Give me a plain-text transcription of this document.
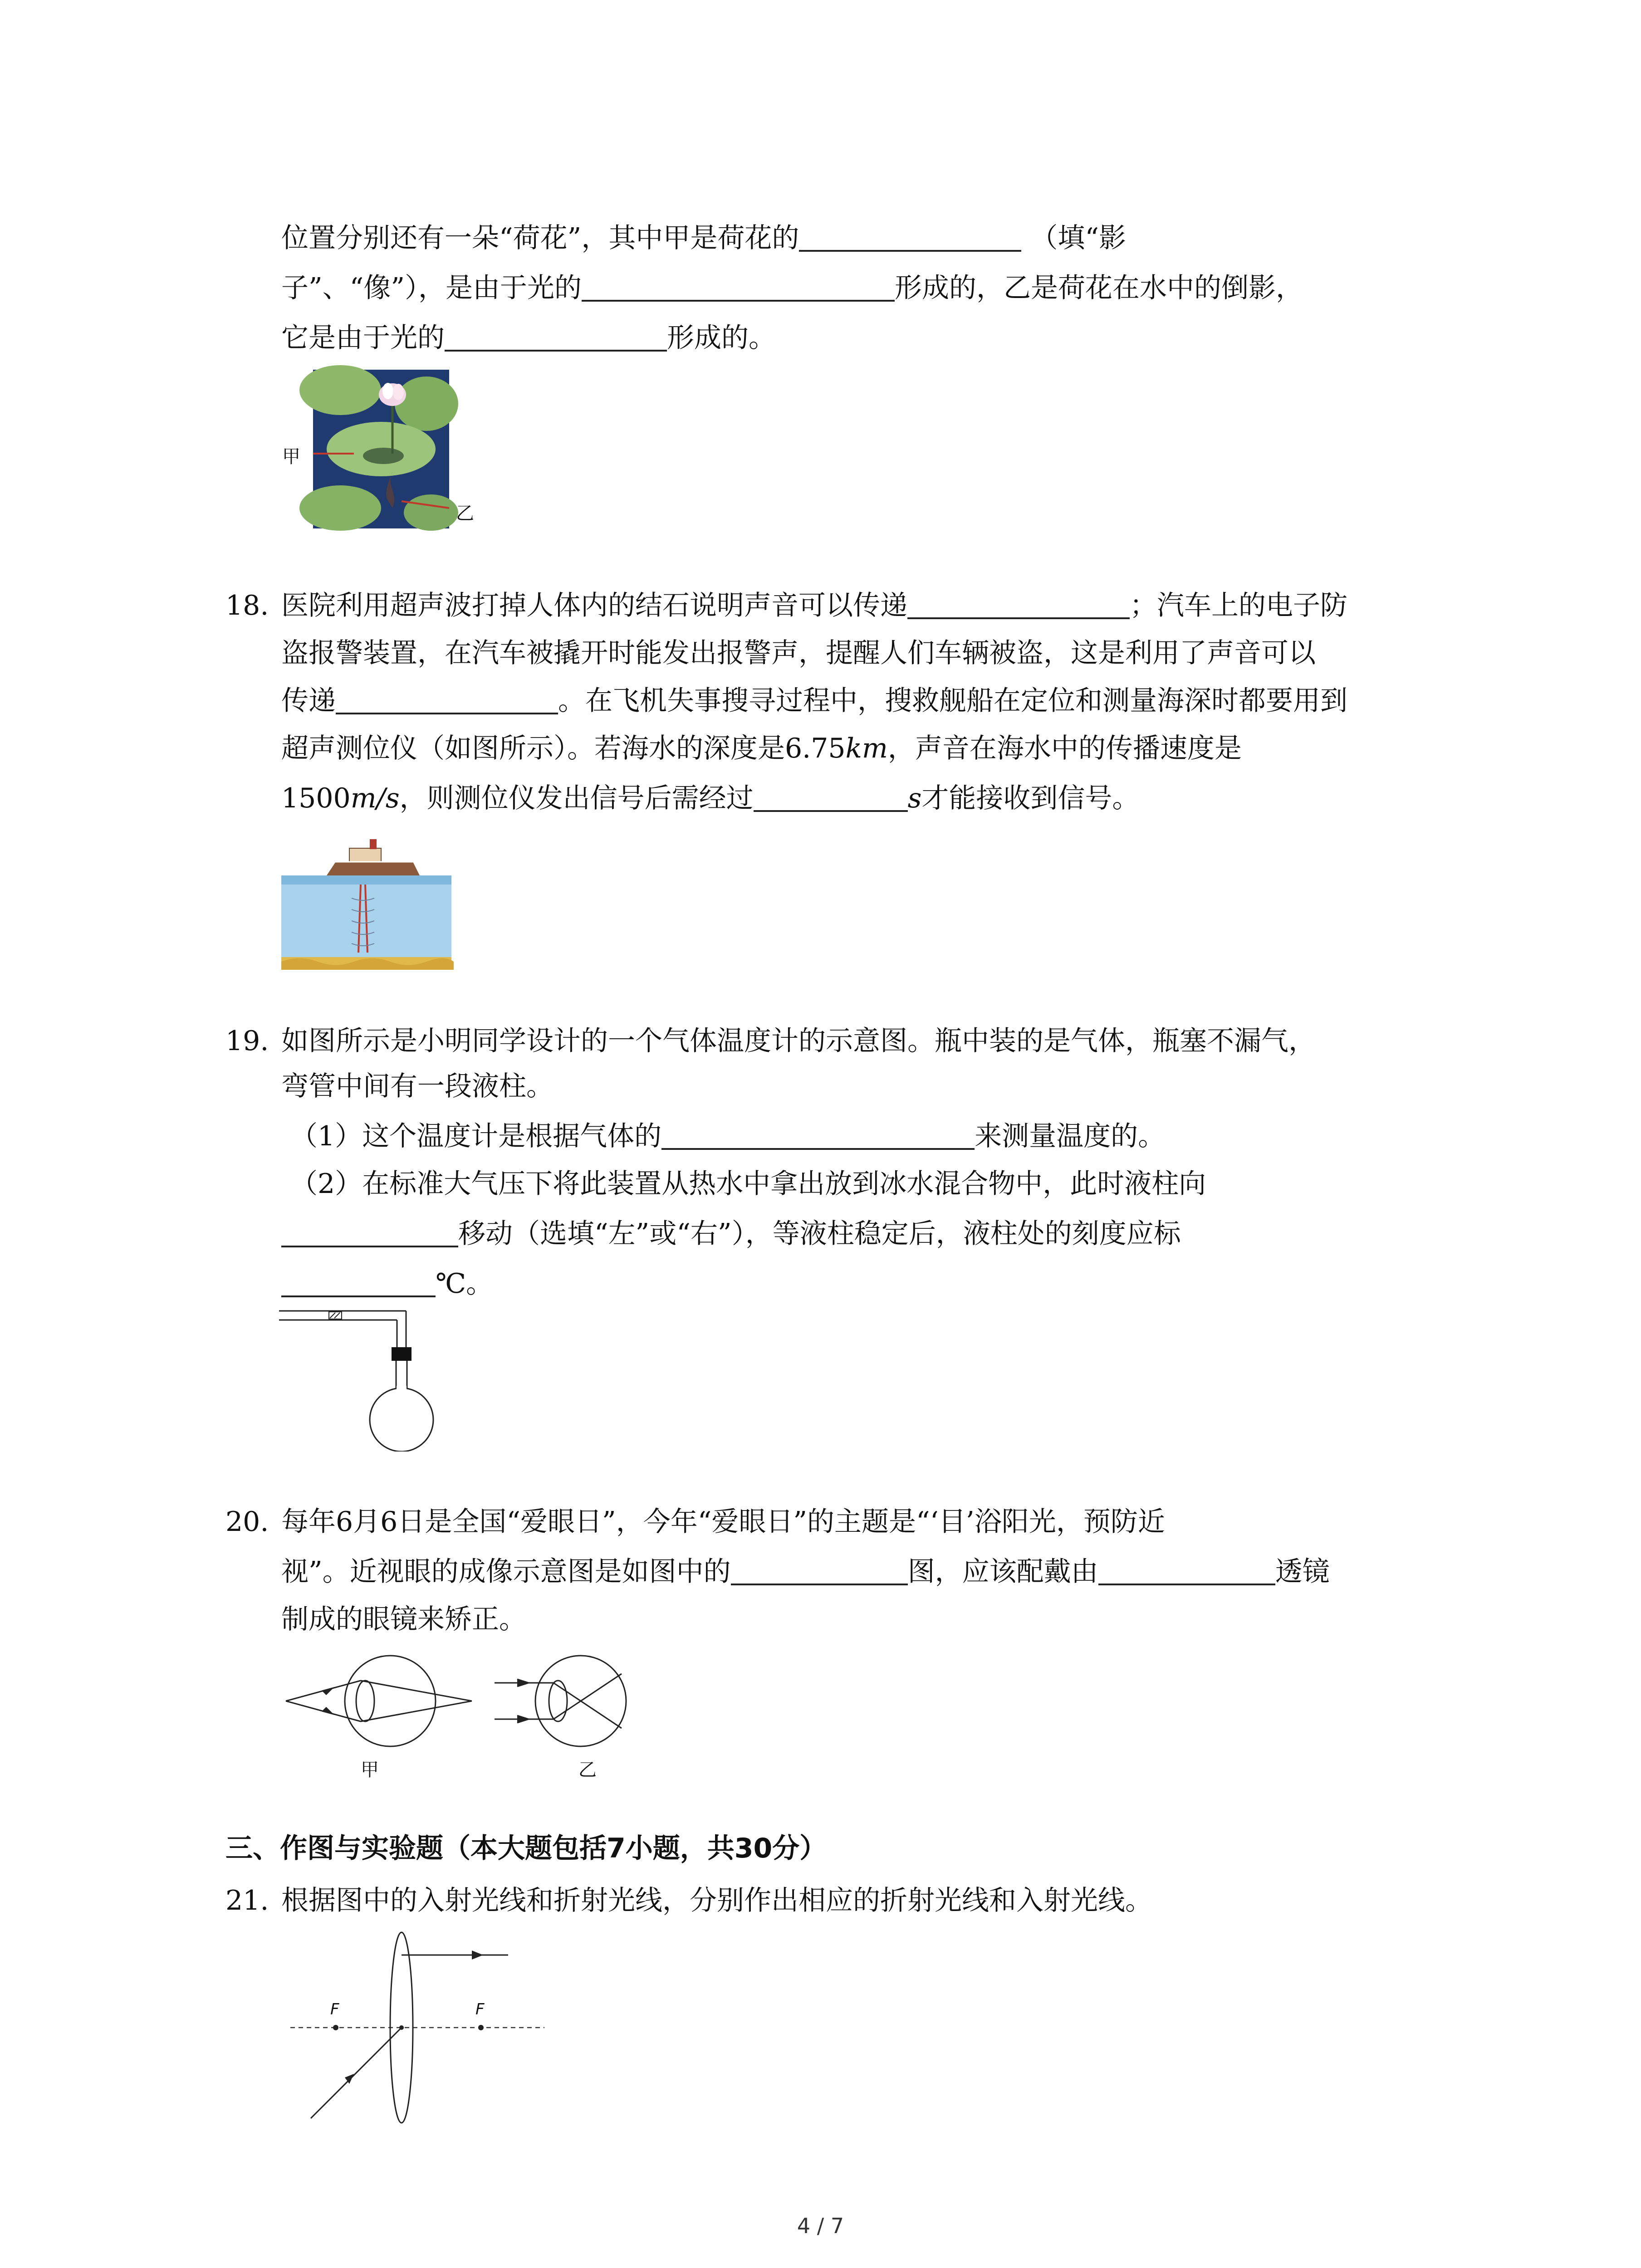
位置分别还有一朵“荷花”，其中甲是荷花的	（填“影
子”、“像”），是由于光的	形成的，乙是荷花在水中的倒影，
它是由于光的	形成的。
甲
乙
18. 医院利用超声波打掉人体内的结石说明声音可以传递	；汽车上的电子防
盗报警装置，在汽车被撬开时能发出报警声，提醒人们车辆被盗，这是利用了声音可以
传递	。在飞机失事搜寻过程中，搜救舰船在定位和测量海深时都要用到
超声测位仪（如图所示）。若海水的深度是6.75km，声音在海水中的传播速度是
1500m/s，则测位仪发出信号后需经过	s才能接收到信号。
19. 如图所示是小明同学设计的一个气体温度计的示意图。瓶中装的是气体，瓶塞不漏气，
弯管中间有一段液柱。
（1）这个温度计是根据气体的	来测量温度的。
（2）在标准大气压下将此装置从热水中拿出放到冰水混合物中，此时液柱向
移动（选填“左”或“右”），等液柱稳定后，液柱处的刻度应标
℃。
20. 每年6月6日是全国“爱眼日”，今年“爱眼日”的主题是“‘目’浴阳光，预防近
视”。近视眼的成像示意图是如图中的	图，应该配戴由	透镜
制成的眼镜来矫正。
甲	乙
三、作图与实验题（本大题包括7小题，共30分）
21. 根据图中的入射光线和折射光线，分别作出相应的折射光线和入射光线。
F	F
4 / 7
